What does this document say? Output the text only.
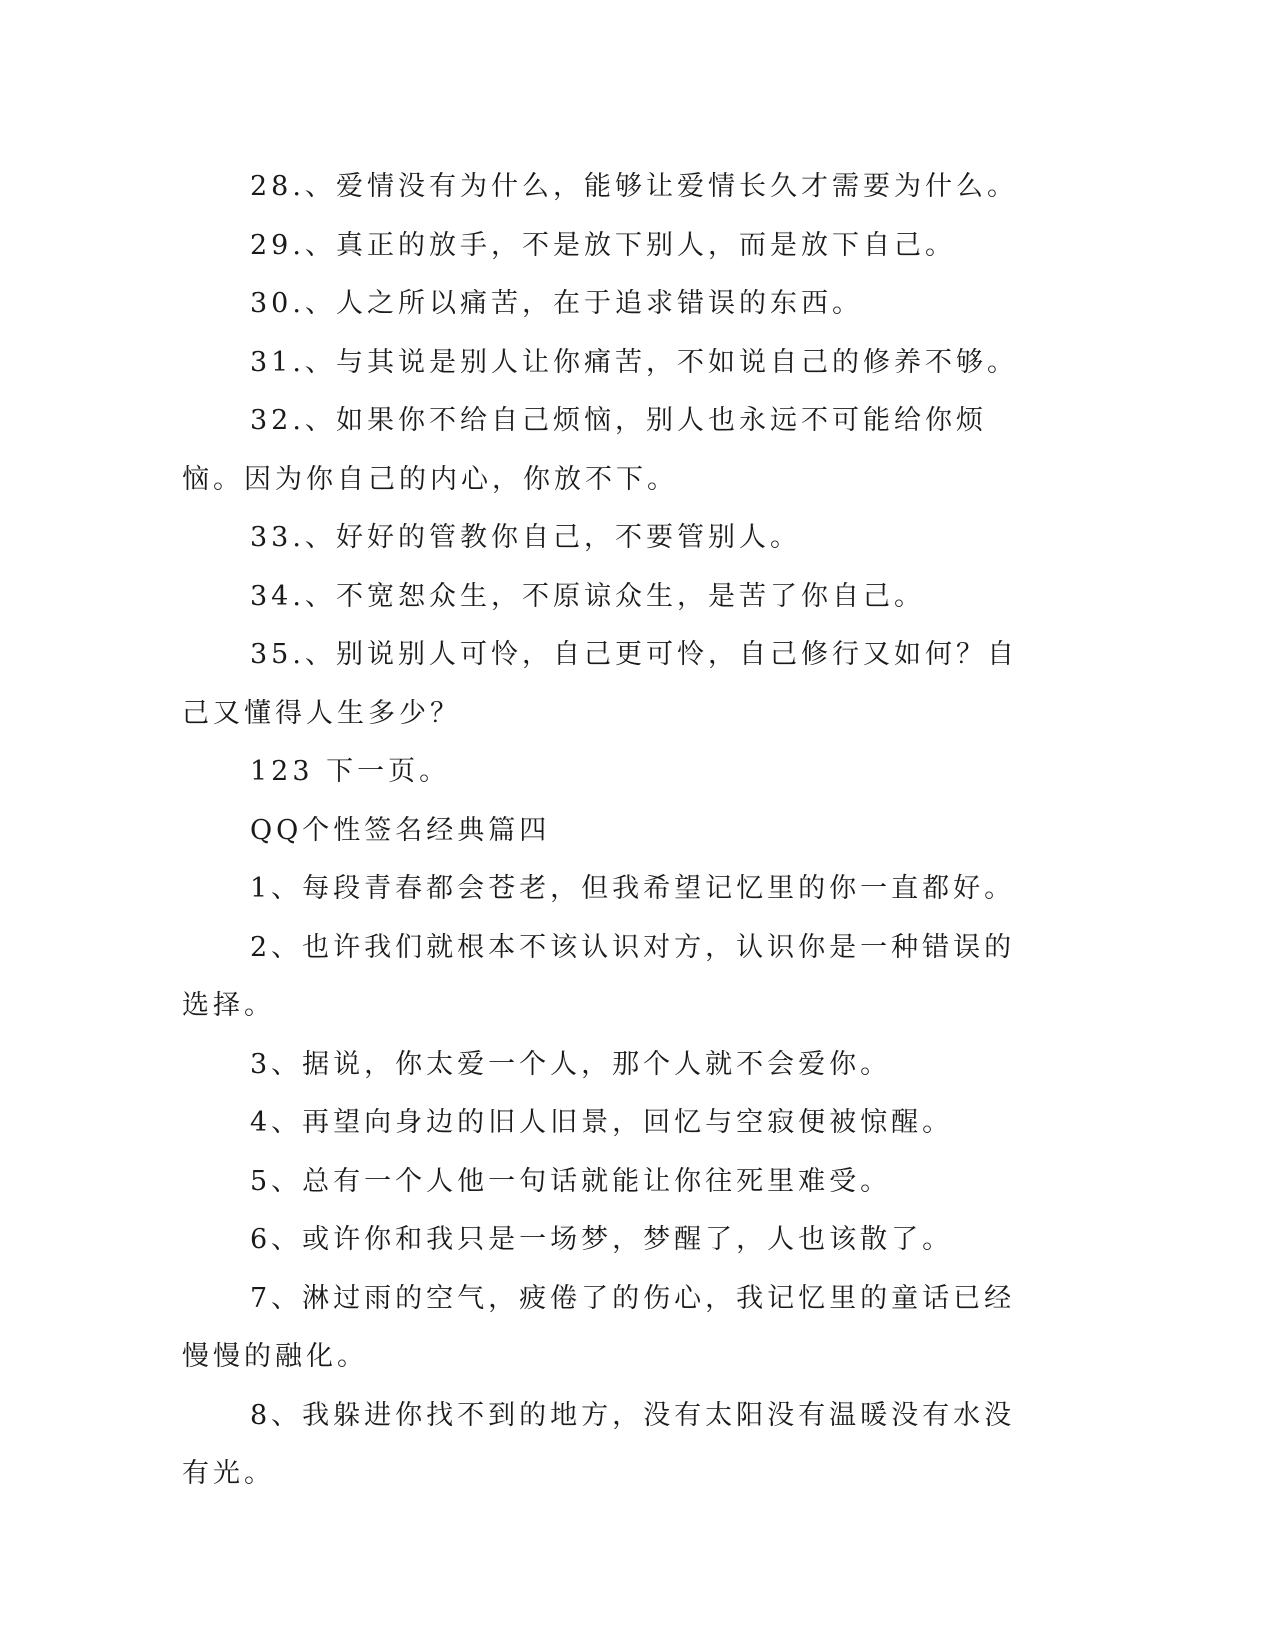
28.、爱情没有为什么，能够让爱情长久才需要为什么。

29.、真正的放手，不是放下别人，而是放下自己。

30.、人之所以痛苦，在于追求错误的东西。

31.、与其说是别人让你痛苦，不如说自己的修养不够。

32.、如果你不给自己烦恼，别人也永远不可能给你烦恼。因为你自己的内心，你放不下。

33.、好好的管教你自己，不要管别人。

34.、不宽恕众生，不原谅众生，是苦了你自己。

35.、别说别人可怜，自己更可怜，自己修行又如何？自己又懂得人生多少？

123 下一页。

QQ个性签名经典篇四

1、每段青春都会苍老，但我希望记忆里的你一直都好。

2、也许我们就根本不该认识对方，认识你是一种错误的选择。

3、据说，你太爱一个人，那个人就不会爱你。

4、再望向身边的旧人旧景，回忆与空寂便被惊醒。

5、总有一个人他一句话就能让你往死里难受。

6、或许你和我只是一场梦，梦醒了，人也该散了。

7、淋过雨的空气，疲倦了的伤心，我记忆里的童话已经慢慢的融化。

8、我躲进你找不到的地方，没有太阳没有温暖没有水没有光。
